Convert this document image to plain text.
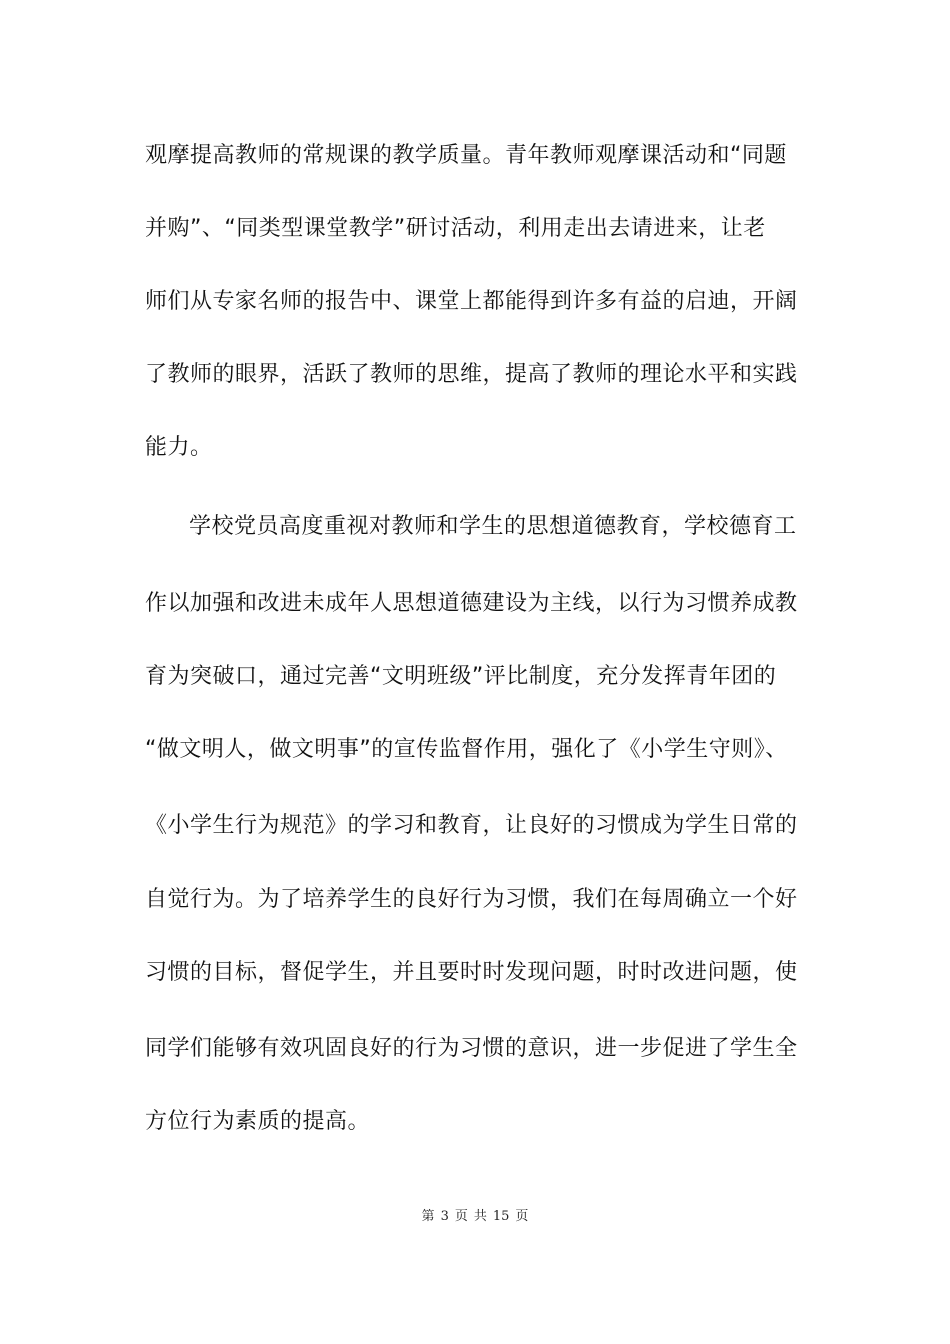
观摩提高教师的常规课的教学质量。青年教师观摩课活动和“同题
并购”、“同类型课堂教学”研讨活动，利用走出去请进来，让老
师们从专家名师的报告中、课堂上都能得到许多有益的启迪，开阔
了教师的眼界，活跃了教师的思维，提高了教师的理论水平和实践
能力。
学校党员高度重视对教师和学生的思想道德教育，学校德育工
作以加强和改进未成年人思想道德建设为主线，以行为习惯养成教
育为突破口，通过完善“文明班级”评比制度，充分发挥青年团的
“做文明人，做文明事”的宣传监督作用，强化了《小学生守则》、
《小学生行为规范》的学习和教育，让良好的习惯成为学生日常的
自觉行为。为了培养学生的良好行为习惯，我们在每周确立一个好
习惯的目标，督促学生，并且要时时发现问题，时时改进问题，使
同学们能够有效巩固良好的行为习惯的意识，进一步促进了学生全
方位行为素质的提高。
第 3 页 共 15 页
